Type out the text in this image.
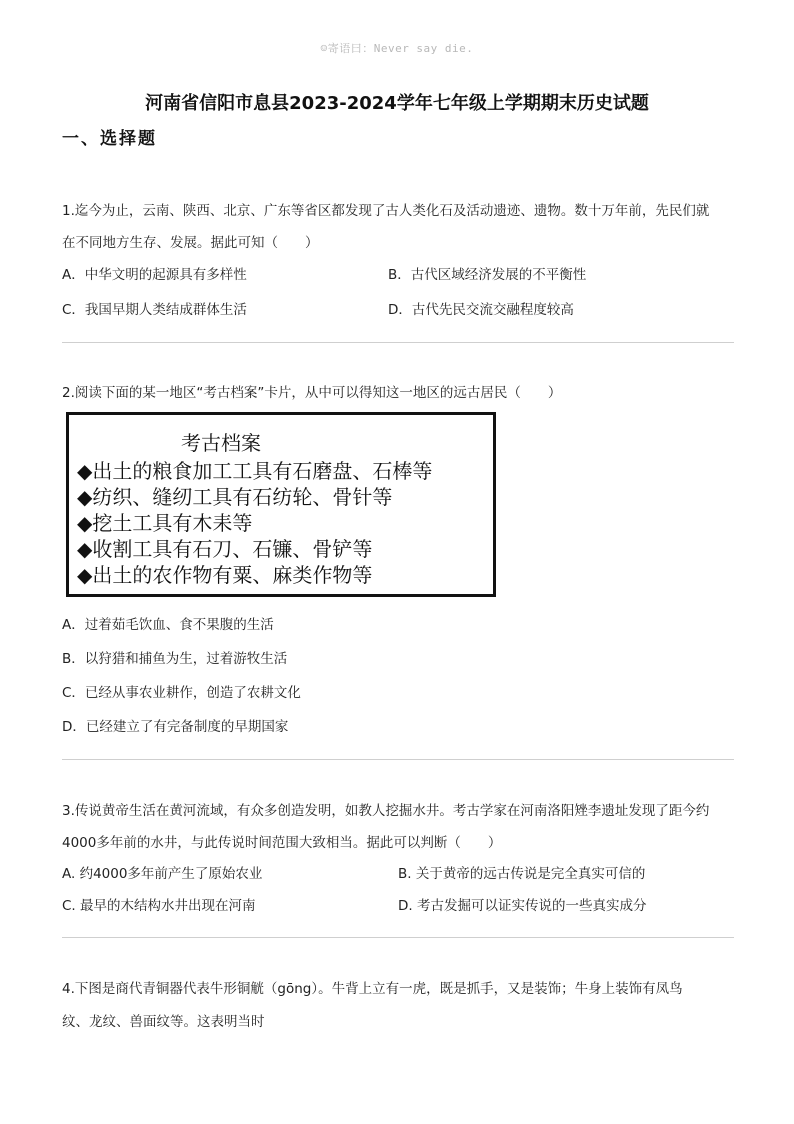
☺寄语曰：Never say die.
河南省信阳市息县2023-2024学年七年级上学期期末历史试题
一、选择题
1.迄今为止，云南、陕西、北京、广东等省区都发现了古人类化石及活动遗迹、遗物。数十万年前，先民们就
在不同地方生存、发展。据此可知（　　）
A．中华文明的起源具有多样性	B．古代区域经济发展的不平衡性
C．我国早期人类结成群体生活	D．古代先民交流交融程度较高
2.阅读下面的某一地区“考古档案”卡片，从中可以得知这一地区的远古居民（　　）
考古档案
◆出土的粮食加工工具有石磨盘、石棒等
◆纺织、缝纫工具有石纺轮、骨针等
◆挖土工具有木耒等
◆收割工具有石刀、石镰、骨铲等
◆出土的农作物有粟、麻类作物等
A．过着茹毛饮血、食不果腹的生活
B．以狩猎和捕鱼为生，过着游牧生活
C．已经从事农业耕作，创造了农耕文化
D．已经建立了有完备制度的早期国家
3.传说黄帝生活在黄河流域，有众多创造发明，如教人挖掘水井。考古学家在河南洛阳矬李遗址发现了距今约
4000多年前的水井，与此传说时间范围大致相当。据此可以判断（　　）
A. 约4000多年前产生了原始农业	B. 关于黄帝的远古传说是完全真实可信的
C. 最早的木结构水井出现在河南	D. 考古发掘可以证实传说的一些真实成分
4.下图是商代青铜器代表牛形铜觥（gōng）。牛背上立有一虎，既是抓手，又是装饰；牛身上装饰有凤鸟
纹、龙纹、兽面纹等。这表明当时
